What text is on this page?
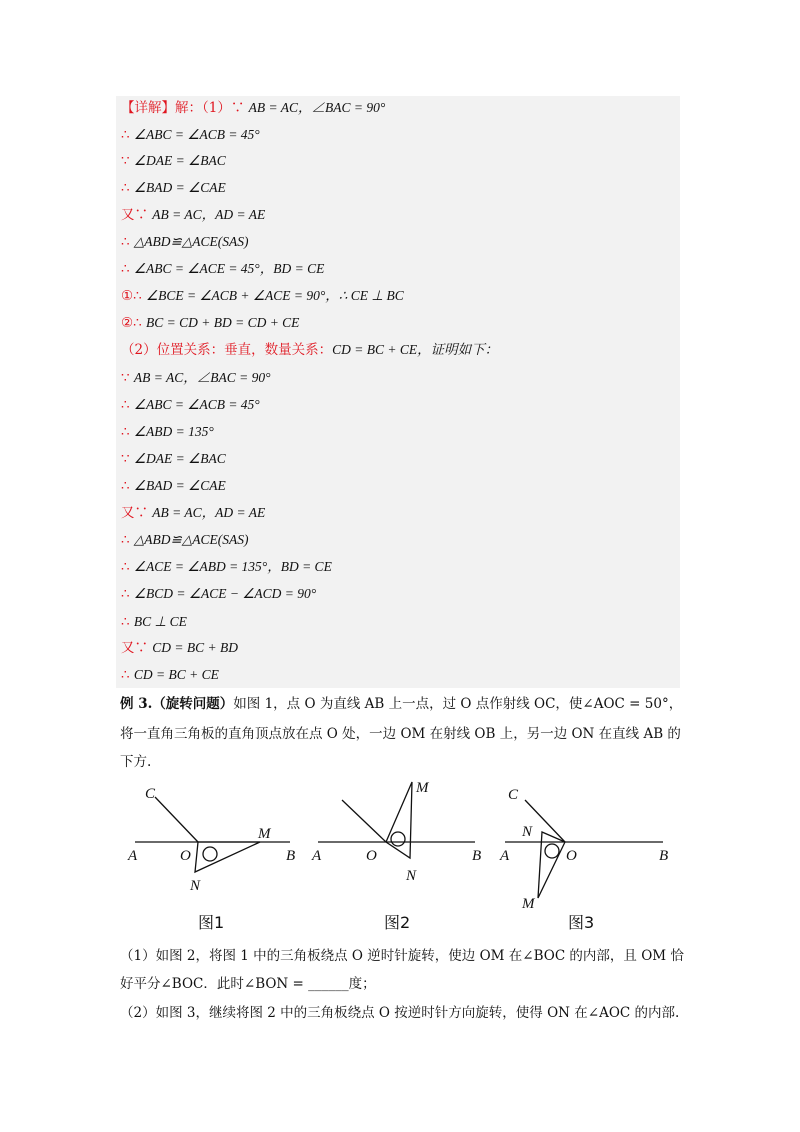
【详解】解：（1）∵ AB = AC，∠BAC = 90°
∴ ∠ABC = ∠ACB = 45°
∵ ∠DAE = ∠BAC
∴ ∠BAD = ∠CAE
又∵ AB = AC，AD = AE
∴ △ABD≌△ACE(SAS)
∴ ∠ABC = ∠ACE = 45°，BD = CE
①∴ ∠BCE = ∠ACB + ∠ACE = 90°，∴ CE ⊥ BC
②∴ BC = CD + BD = CD + CE
（2）位置关系：垂直，数量关系：CD = BC + CE，证明如下：
∵ AB = AC，∠BAC = 90°
∴ ∠ABC = ∠ACB = 45°
∴ ∠ABD = 135°
∵ ∠DAE = ∠BAC
∴ ∠BAD = ∠CAE
又∵ AB = AC，AD = AE
∴ △ABD≌△ACE(SAS)
∴ ∠ACE = ∠ABD = 135°，BD = CE
∴ ∠BCD = ∠ACE − ∠ACD = 90°
∴ BC ⊥ CE
又∵ CD = BC + BD
∴ CD = BC + CE
例 3.（旋转问题）如图 1，点 O 为直线 AB 上一点，过 O 点作射线 OC，使∠AOC = 50°，
将一直角三角板的直角顶点放在点 O 处，一边 OM 在射线 OB 上，另一边 ON 在直线 AB 的
下方.
A	O	B
C
M
N
图1
A	O	B
M
N
图2
A	O	B
C
N
M
图3
（1）如图 2，将图 1 中的三角板绕点 O 逆时针旋转，使边 OM 在∠BOC 的内部，且 OM 恰
好平分∠BOC．此时∠BON = ______度；
（2）如图 3，继续将图 2 中的三角板绕点 O 按逆时针方向旋转，使得 ON 在∠AOC 的内部.
